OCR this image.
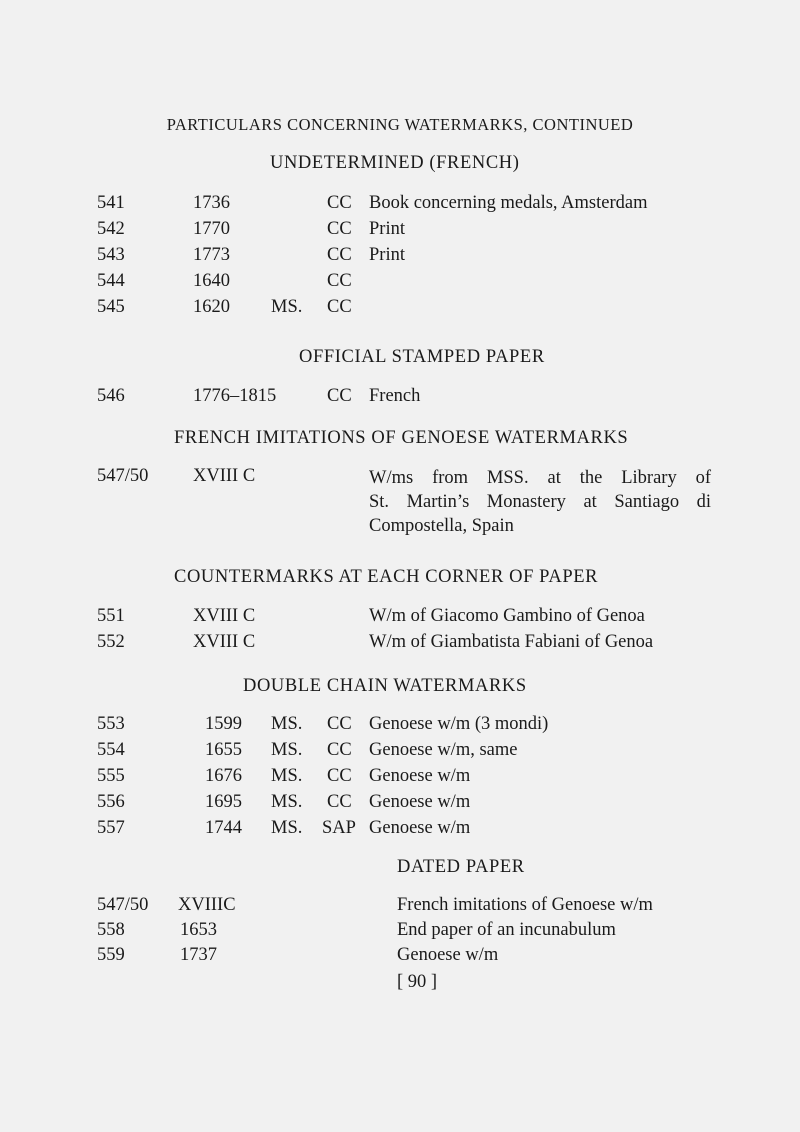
PARTICULARS CONCERNING WATERMARKS, CONTINUED
UNDETERMINED (FRENCH)
541	1736	CC Book concerning medals, Amsterdam
542	1770	CC Print
543	1773	CC Print
544	1640	CC
545	1620 MS. CC
OFFICIAL STAMPED PAPER
546	1776–1815	CC French
FRENCH IMITATIONS OF GENOESE WATERMARKS
547/50 XVIII C	W/ms from MSS. at the Library of
St. Martin’s Monastery at Santiago di
Compostella, Spain
COUNTERMARKS AT EACH CORNER OF PAPER
551	XVIII C	W/m of Giacomo Gambino of Genoa
552	XVIII C	W/m of Giambatista Fabiani of Genoa
DOUBLE CHAIN WATERMARKS
553	1599 MS. CC Genoese w/m (3 mondi)
554	1655 MS. CC Genoese w/m, same
555	1676 MS. CC Genoese w/m
556	1695 MS. CC Genoese w/m
557	1744 MS. SAP Genoese w/m
DATED PAPER
547/50 XVIIIC	French imitations of Genoese w/m
558	1653	End paper of an incunabulum
559	1737	Genoese w/m
[ 90 ]
